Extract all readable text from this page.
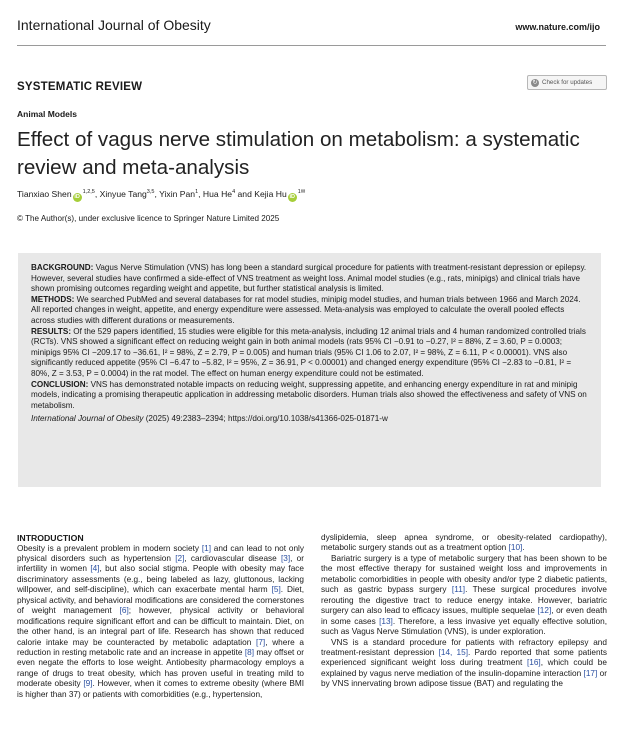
International Journal of Obesity	www.nature.com/ijo
SYSTEMATIC REVIEW	↻ Check for updates
Animal Models
Effect of vagus nerve stimulation on metabolism: a systematic review and meta-analysis
Tianxiao Shen iD$^{1,2,5}$, Xinyue Tang$^{3,5}$, Yixin Pan$^1$, Hua He$^4$ and Kejia Hu $iD^{1✉}$
© The Author(s), under exclusive licence to Springer Nature Limited 2025

BACKGROUND: Vagus Nerve Stimulation (VNS) has long been a standard surgical procedure for patients with treatment-resistant depression or epilepsy. However, several studies have confirmed a side-effect of VNS treatment as weight loss. Animal model studies (e.g., rats, minipigs) and clinical trials have shown promising outcomes regarding weight and appetite, but further statistical analysis is limited.

METHODS: We searched PubMed and several databases for rat model studies, minipig model studies, and human trials between 1966 and March 2024. All reported changes in weight, appetite, and energy expenditure were assessed. Meta-analysis was employed to calculate the overall pooled effects across studies with different durations or measurements.

RESULTS: Of the 529 papers identified, 15 studies were eligible for this meta-analysis, including 12 animal trials and 4 human randomized controlled trials (RCTs). VNS showed a significant effect on reducing weight gain in both animal models (rats 95% CI −0.91 to −0.27, I² = 88%, Z = 3.60, P = 0.0003; minipigs 95% CI −209.17 to −36.61, I² = 98%, Z = 2.79, P = 0.005) and human trials (95% CI 1.06 to 2.07, I² = 98%, Z = 6.11, P < 0.00001). VNS also significantly reduced appetite (95% CI −6.47 to −5.82, I² = 95%, Z = 36.91, P < 0.00001) and changed energy expenditure (95% CI −2.83 to −0.81, I² = 80%, Z = 3.53, P = 0.0004) in the rat model. The effect on human energy expenditure could not be estimated.

CONCLUSION: VNS has demonstrated notable impacts on reducing weight, suppressing appetite, and enhancing energy expenditure in rat and minipig models, indicating a promising therapeutic application in addressing metabolic disorders. Human trials also showed the effectiveness and safety of VNS on metabolism.

International Journal of Obesity (2025) 49:2383–2394; https://doi.org/10.1038/s41366-025-01871-w

INTRODUCTION

Obesity is a prevalent problem in modern society [1] and can lead to not only physical disorders such as hypertension [2], cardiovascular disease [3], or infertility in women [4], but also social stigma. People with obesity may face discriminatory assessments (e.g., being labeled as lazy, gluttonous, lacking willpower, and self-discipline), which can exacerbate mental harm [5]. Diet, physical activity, and behavioral modifications are considered the cornerstones of weight management [6]; however, physical activity or behavioral modifications require significant effort and can be difficult to maintain. Diet, on the other hand, is an integral part of life. Research has shown that reduced calorie intake may be counteracted by metabolic adaptation [7], where a reduction in resting metabolic rate and an increase in appetite [8] may offset or even negate the efforts to lose weight. Antiobesity pharmacology employs a range of drugs to treat obesity, which has proven useful in treating mild to moderate obesity [9]. However, when it comes to extreme obesity (where BMI is higher than 37) or patients with comorbidities (e.g., hypertension,

dyslipidemia, sleep apnea syndrome, or obesity-related cardiopathy), metabolic surgery stands out as a treatment option [10].

Bariatric surgery is a type of metabolic surgery that has been shown to be the most effective therapy for sustained weight loss and improvements in metabolic comorbidities in people with obesity and/or type 2 diabetic patients, such as gastric bypass surgery [11]. These surgical procedures involve rerouting the digestive tract to reduce energy intake. However, bariatric surgery can also lead to efficacy issues, multiple sequelae [12], or even death in some cases [13]. Therefore, a less invasive yet equally effective solution, such as Vagus Nerve Stimulation (VNS), is under exploration.

VNS is a standard procedure for patients with refractory epilepsy and treatment-resistant depression [14, 15]. Pardo reported that some patients experienced significant weight loss during treatment [16], which could be explained by vagus nerve mediation of the insulin-dopamine interaction [17] or by VNS innervating brown adipose tissue (BAT) and regulating the
